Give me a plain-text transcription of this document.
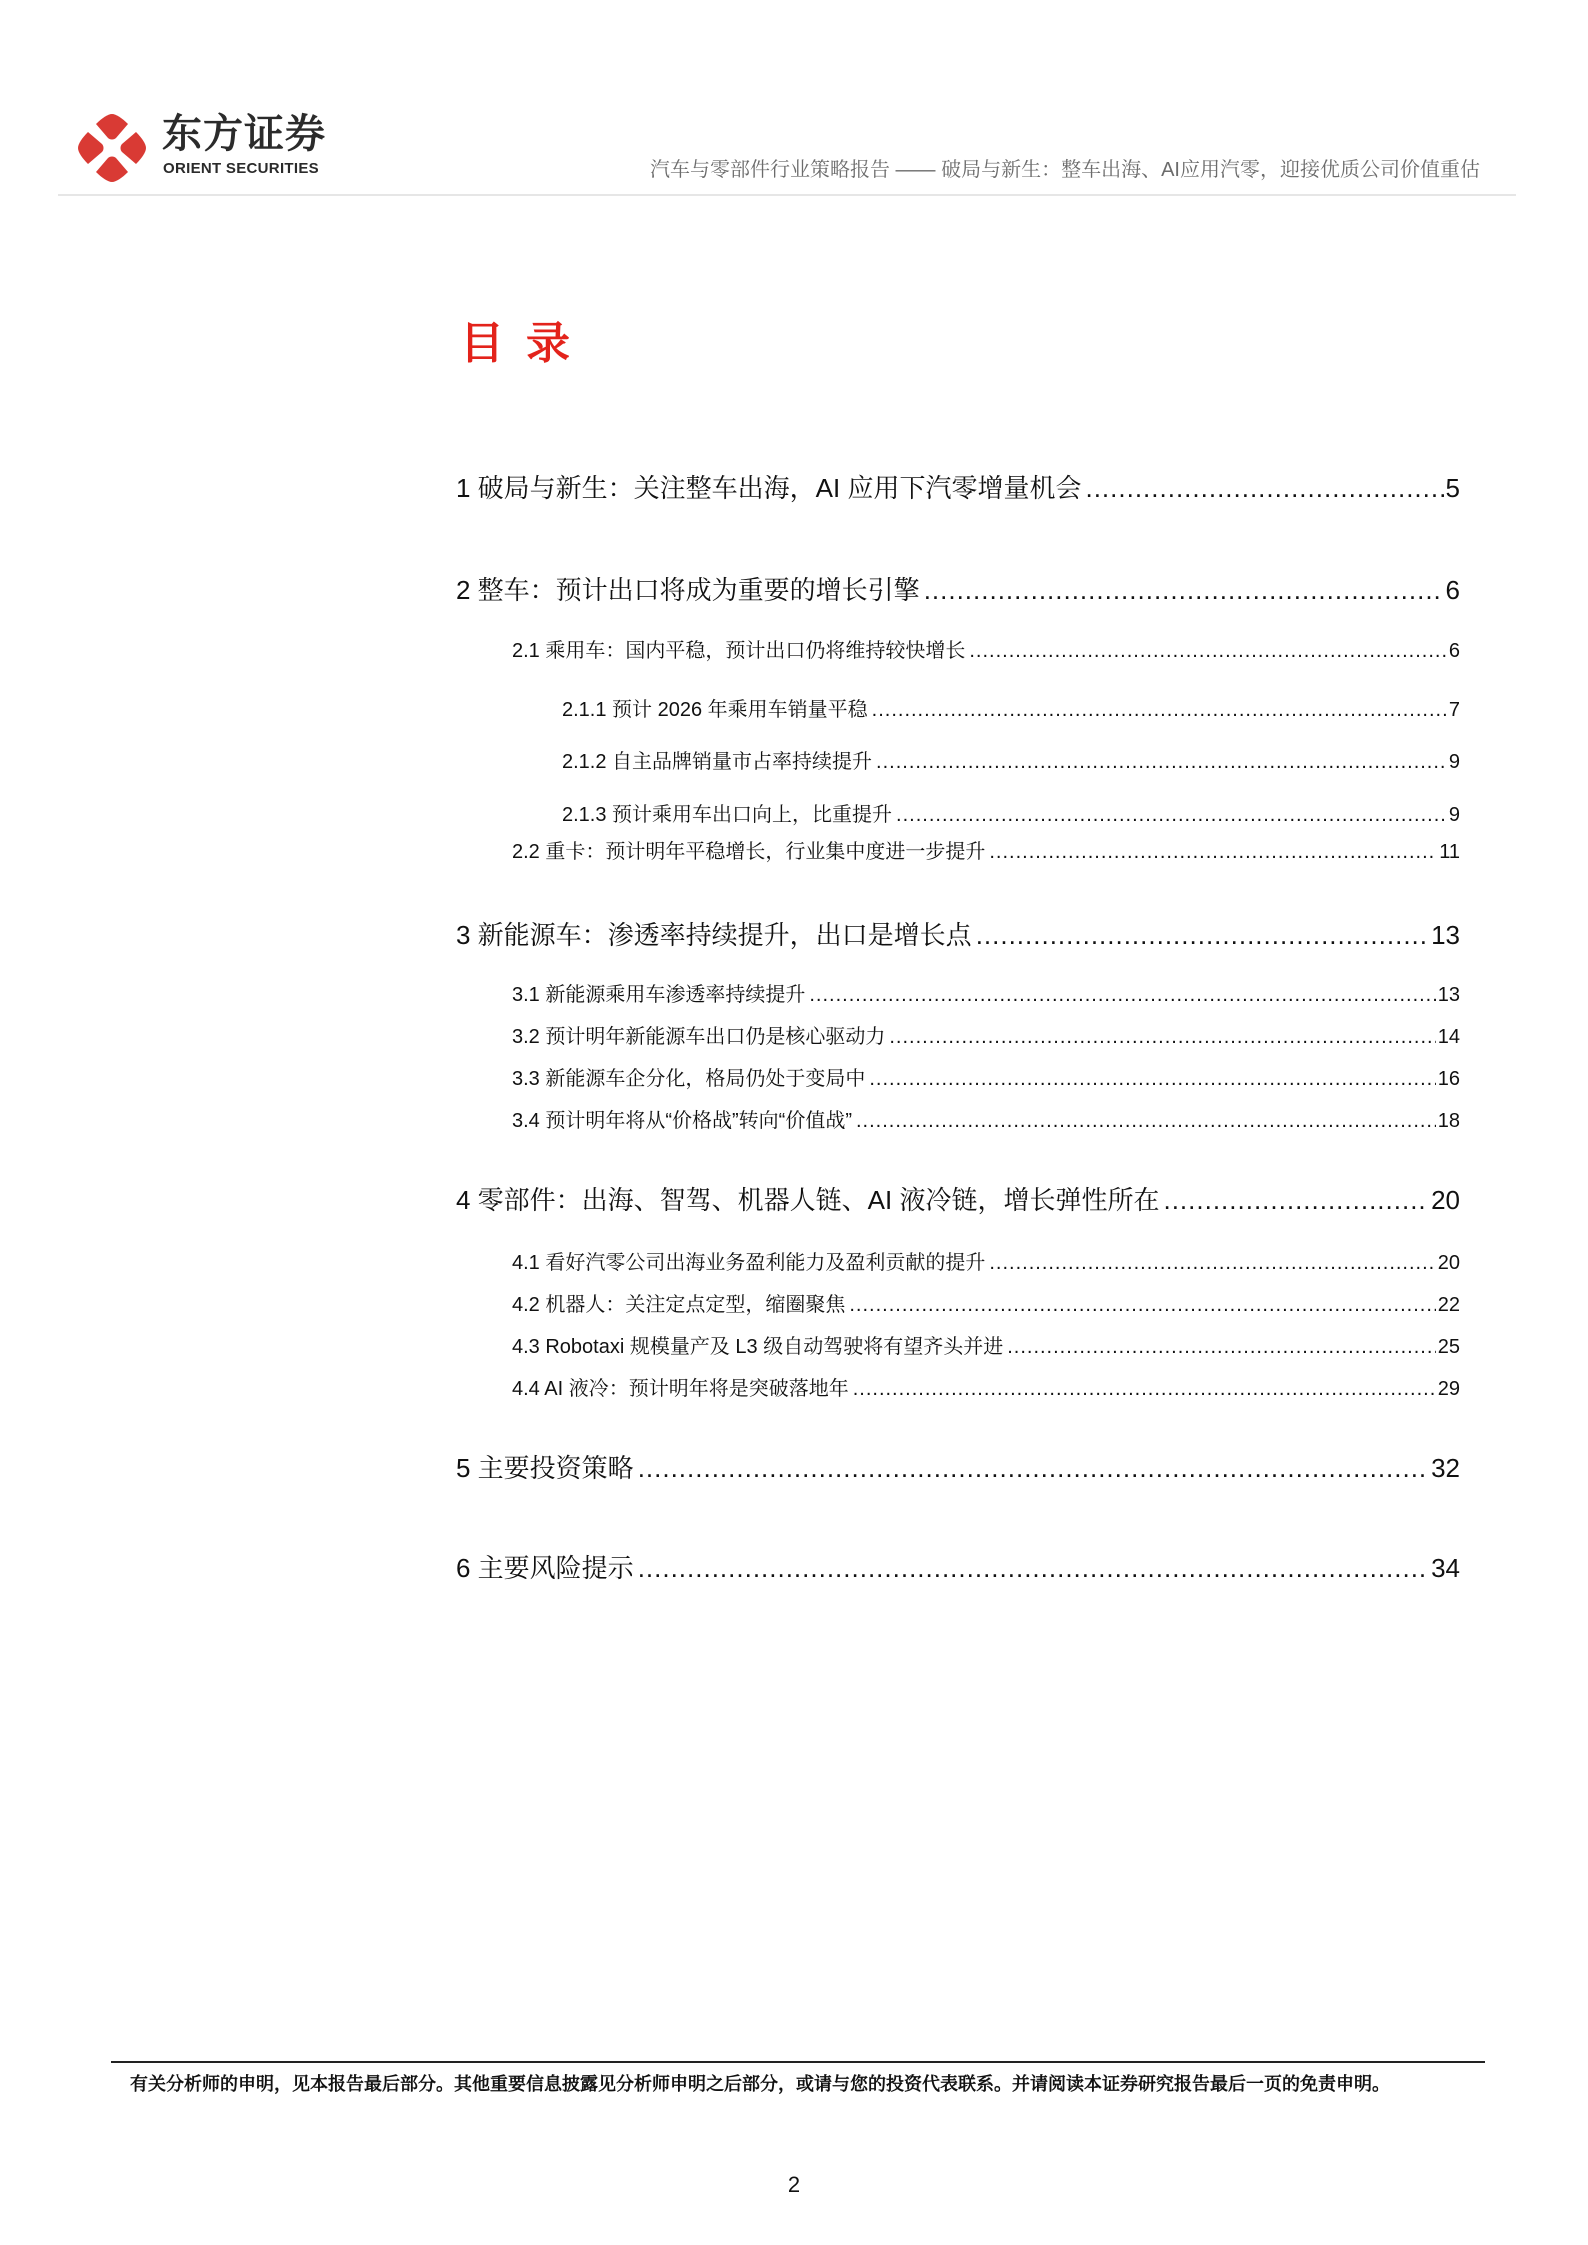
东方证券
ORIENT SECURITIES	汽车与零部件行业策略报告 —— 破局与新生：整车出海、AI应用汽零，迎接优质公司价值重估
目录
1 破局与新生：关注整车出海，AI 应用下汽零增量机会 .....	5
2 整车：预计出口将成为重要的增长引擎 .....	6
2.1 乘用车：国内平稳，预计出口仍将维持较快增长 .....	6
2.1.1 预计 2026 年乘用车销量平稳 .....	7
2.1.2 自主品牌销量市占率持续提升 .....	9
2.1.3 预计乘用车出口向上，比重提升 .....	9
2.2 重卡：预计明年平稳增长，行业集中度进一步提升 .....	11
3 新能源车：渗透率持续提升，出口是增长点 .....	13
3.1 新能源乘用车渗透率持续提升 .....	13
3.2 预计明年新能源车出口仍是核心驱动力 .....	14
3.3 新能源车企分化，格局仍处于变局中 .....	16
3.4 预计明年将从“价格战”转向“价值战” .....	18
4 零部件：出海、智驾、机器人链、AI 液冷链，增长弹性所在 .....	20
4.1 看好汽零公司出海业务盈利能力及盈利贡献的提升 .....	20
4.2 机器人：关注定点定型，缩圈聚焦 .....	22
4.3 Robotaxi 规模量产及 L3 级自动驾驶将有望齐头并进 .....	25
4.4 AI 液冷：预计明年将是突破落地年 .....	29
5 主要投资策略 .....	32
6 主要风险提示 .....	34
有关分析师的申明，见本报告最后部分。其他重要信息披露见分析师申明之后部分，或请与您的投资代表联系。并请阅读本证券研究报告最后一页的免责申明。
2
